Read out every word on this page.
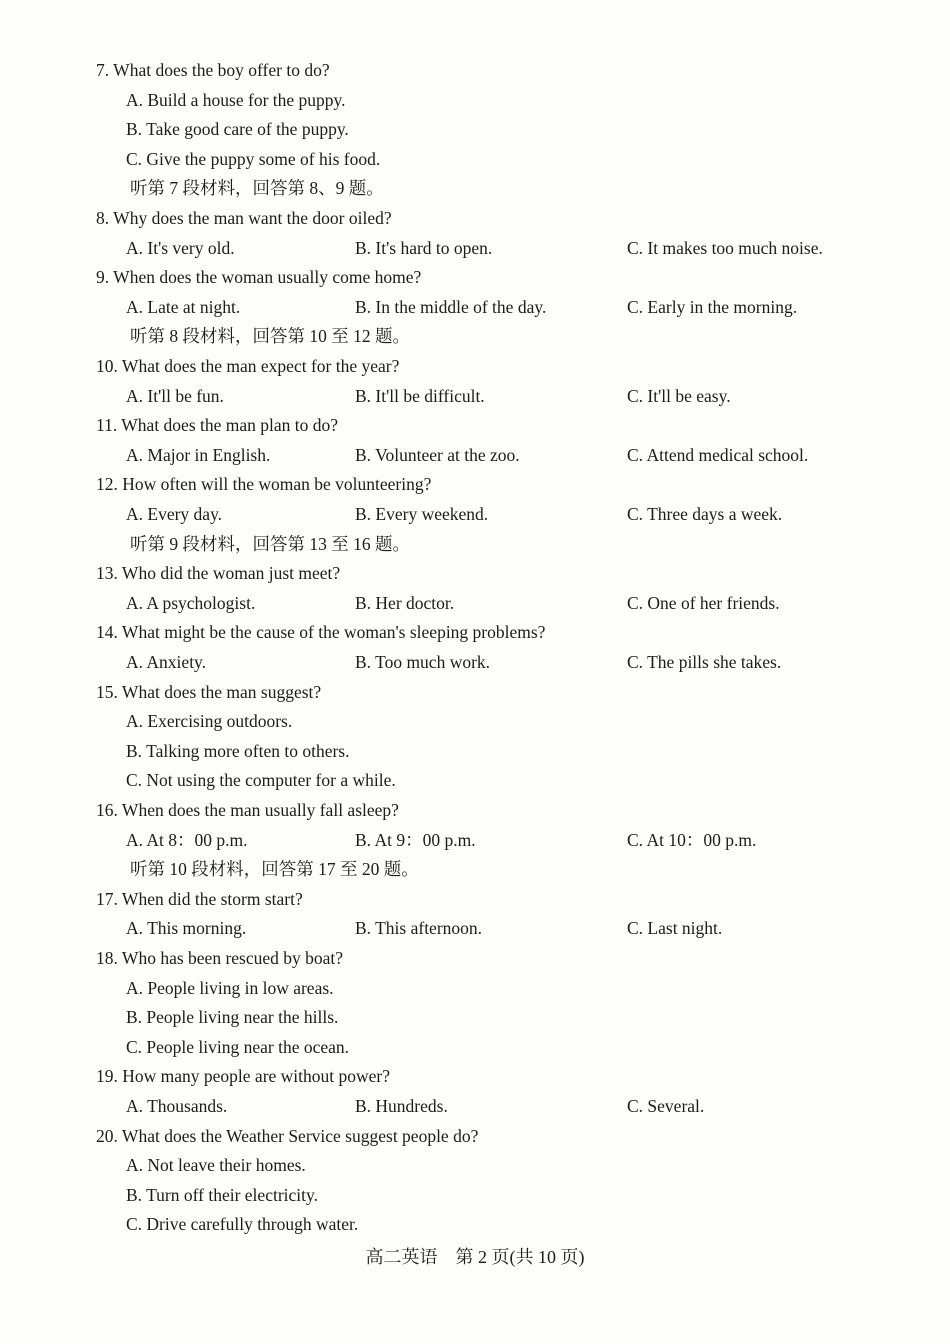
7. What does the boy offer to do?
A. Build a house for the puppy.
B. Take good care of the puppy.
C. Give the puppy some of his food.
听第 7 段材料，回答第 8、9 题。
8. Why does the man want the door oiled?
A. It's very old.	B. It's hard to open.	C. It makes too much noise.
9. When does the woman usually come home?
A. Late at night.	B. In the middle of the day.	C. Early in the morning.
听第 8 段材料，回答第 10 至 12 题。
10. What does the man expect for the year?
A. It'll be fun.	B. It'll be difficult.	C. It'll be easy.
11. What does the man plan to do?
A. Major in English.	B. Volunteer at the zoo.	C. Attend medical school.
12. How often will the woman be volunteering?
A. Every day.	B. Every weekend.	C. Three days a week.
听第 9 段材料，回答第 13 至 16 题。
13. Who did the woman just meet?
A. A psychologist.	B. Her doctor.	C. One of her friends.
14. What might be the cause of the woman's sleeping problems?
A. Anxiety.	B. Too much work.	C. The pills she takes.
15. What does the man suggest?
A. Exercising outdoors.
B. Talking more often to others.
C. Not using the computer for a while.
16. When does the man usually fall asleep?
A. At 8：00 p.m.	B. At 9：00 p.m.	C. At 10：00 p.m.
听第 10 段材料，回答第 17 至 20 题。
17. When did the storm start?
A. This morning.	B. This afternoon.	C. Last night.
18. Who has been rescued by boat?
A. People living in low areas.
B. People living near the hills.
C. People living near the ocean.
19. How many people are without power?
A. Thousands.	B. Hundreds.	C. Several.
20. What does the Weather Service suggest people do?
A. Not leave their homes.
B. Turn off their electricity.
C. Drive carefully through water.
高二英语　第 2 页(共 10 页)
